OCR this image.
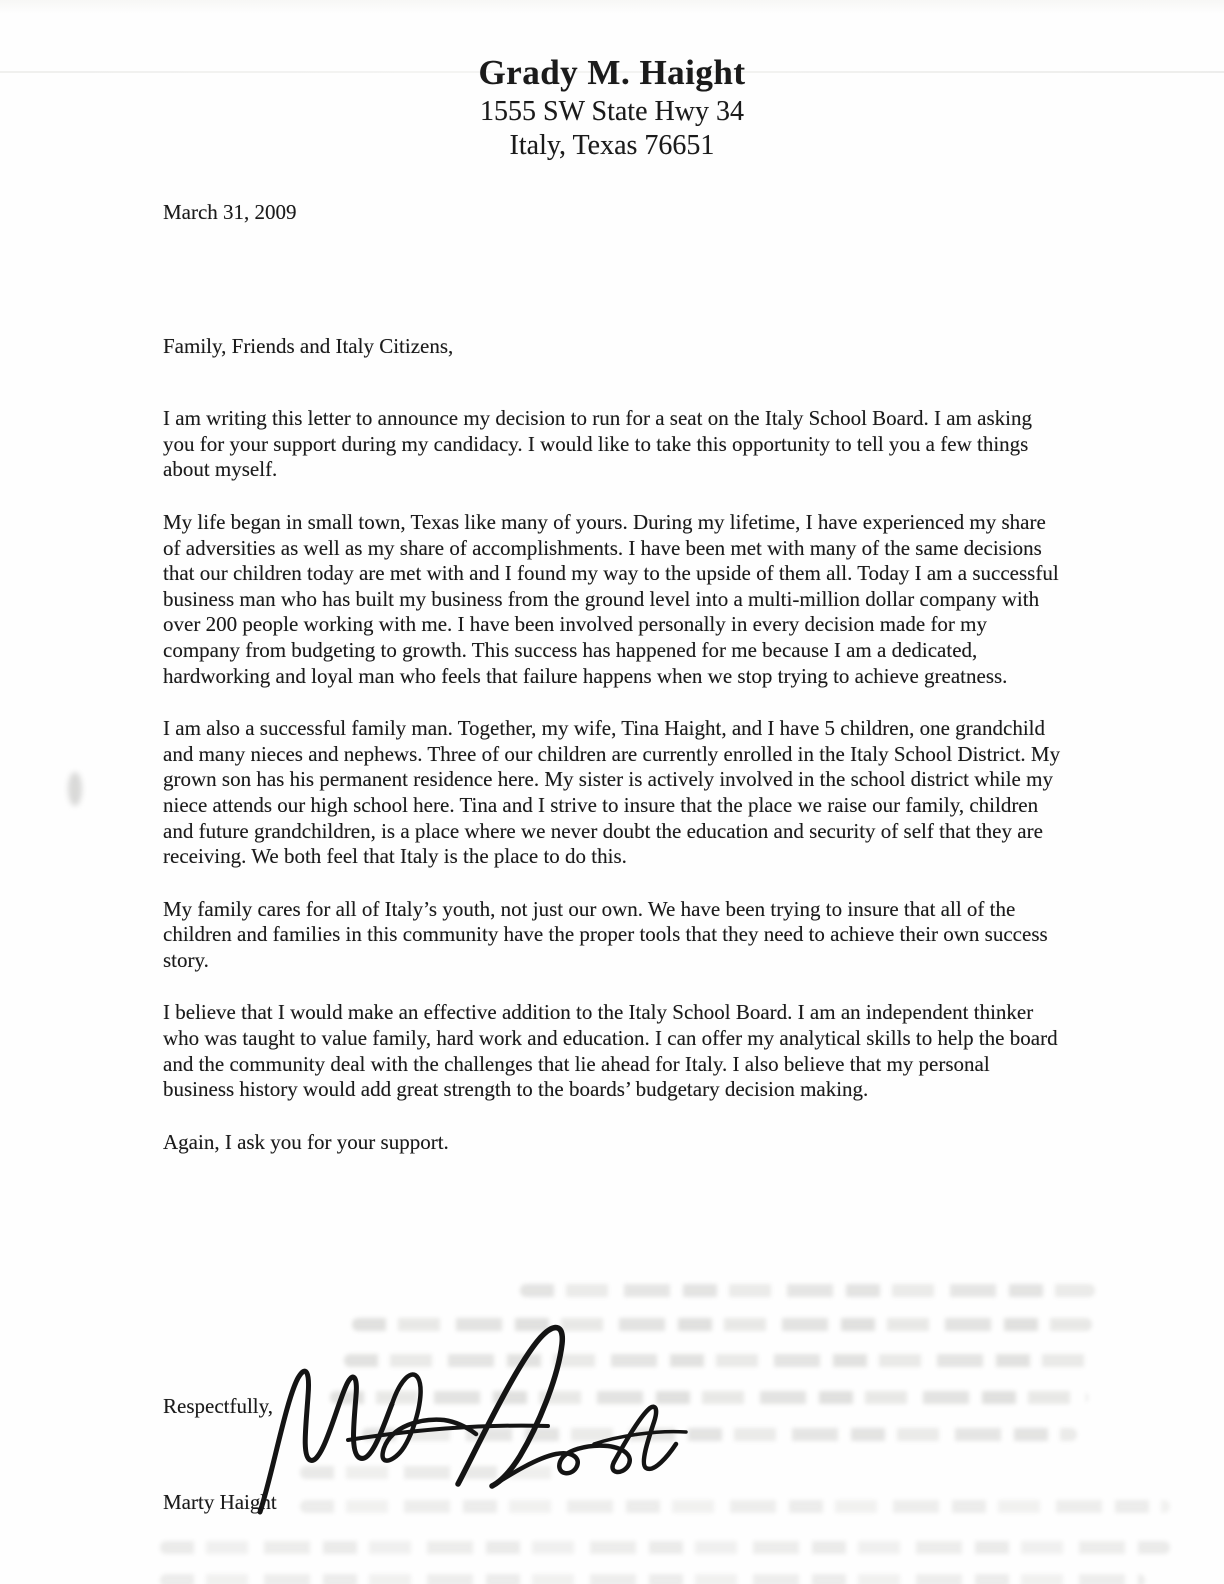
Grady M. Haight
1555 SW State Hwy 34
Italy, Texas 76651
March 31, 2009
Family, Friends and Italy Citizens,

I am writing this letter to announce my decision to run for a seat on the Italy School Board. I am asking you for your support during my candidacy. I would like to take this opportunity to tell you a few things about myself.

My life began in small town, Texas like many of yours. During my lifetime, I have experienced my share of adversities as well as my share of accomplishments. I have been met with many of the same decisions that our children today are met with and I found my way to the upside of them all. Today I am a successful business man who has built my business from the ground level into a multi-million dollar company with over 200 people working with me. I have been involved personally in every decision made for my company from budgeting to growth. This success has happened for me because I am a dedicated, hardworking and loyal man who feels that failure happens when we stop trying to achieve greatness.

I am also a successful family man. Together, my wife, Tina Haight, and I have 5 children, one grandchild and many nieces and nephews. Three of our children are currently enrolled in the Italy School District. My grown son has his permanent residence here. My sister is actively involved in the school district while my niece attends our high school here. Tina and I strive to insure that the place we raise our family, children and future grandchildren, is a place where we never doubt the education and security of self that they are receiving. We both feel that Italy is the place to do this.

My family cares for all of Italy’s youth, not just our own. We have been trying to insure that all of the children and families in this community have the proper tools that they need to achieve their own success story.

I believe that I would make an effective addition to the Italy School Board. I am an independent thinker who was taught to value family, hard work and education. I can offer my analytical skills to help the board and the community deal with the challenges that lie ahead for Italy. I also believe that my personal business history would add great strength to the boards’ budgetary decision making.

Again, I ask you for your support.
Respectfully,
Marty Haight
